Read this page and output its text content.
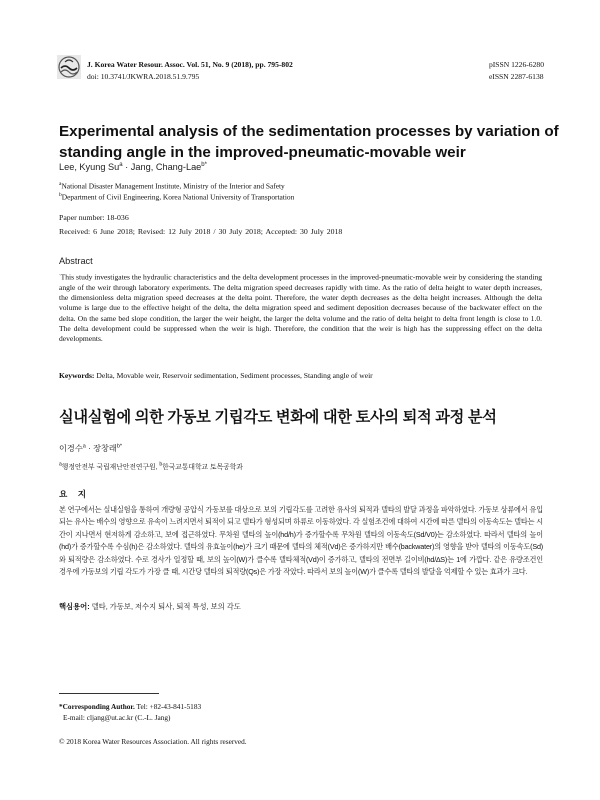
J. Korea Water Resour. Assoc. Vol. 51, No. 9 (2018), pp. 795-802
doi: 10.3741/JKWRA.2018.51.9.795
pISSN 1226-6280
eISSN 2287-6138
Experimental analysis of the sedimentation processes by variation of standing angle in the improved-pneumatic-movable weir
Lee, Kyung $Su^a$ · Jang, Chang-Lae$^{b*}$
$^a$National Disaster Management Institute, Ministry of the Interior and Safety
$^b$Department of Civil Engineering, Korea National University of Transportation
Paper number: 18-036
Received: 6 June 2018; Revised: 12 July 2018 / 30 July 2018; Accepted: 30 July 2018
Abstract

·This study investigates the hydraulic characteristics and the delta development processes in the improved-pneumatic-movable weir by considering the standing angle of the weir through laboratory experiments. The delta migration speed decreases rapidly with time. As the ratio of delta height to water depth increases, the dimensionless delta migration speed decreases at the delta point. Therefore, the water depth decreases as the delta height increases. Although the delta volume is large due to the effective height of the delta, the delta migration speed and sediment deposition decreases because of the backwater effect on the delta. On the same bed slope condition, the larger the weir height, the larger the delta volume and the ratio of delta height to delta front length is close to 1.0. The delta development could be suppressed when the weir is high. Therefore, the condition that the weir is high has the suppressing effect on the delta developments.

Keywords: Delta, Movable weir, Reservoir sedimentation, Sediment processes, Standing angle of weir
실내실험에 의한 가동보 기립각도 변화에 대한 토사의 퇴적 과정 분석
이경수$^a$ · 장창래$^{b*}$
$^a$행정안전부 국립재난안전연구원, $^b$한국교통대학교 토목공학과
요 지

본 연구에서는 실내실험을 통하여 개량형 공압식 가동보를 대상으로 보의 기립각도를 고려한 유사의 퇴적과 델타의 발달 과정을 파악하였다. 가동보 상류에서 유입되는 유사는 배수의 영향으로 유속이 느려지면서 퇴적이 되고 델타가 형성되며 하류로 이동하였다. 각 실험조건에 대하여 시간에 따른 델타의 이동속도는 델타는 시간이 지나면서 현저하게 감소하고, 보에 접근하였다. 무차원 델타의 높이(hd/h)가 증가할수록 무차원 델타의 이동속도(Sd/V0)는 감소하였다. 따라서 델타의 높이(hd)가 증가할수록 수심(h)은 감소하였다. 델타의 유효높이(he)가 크기 때문에 델타의 체적(Vd)은 증가하지만 배수(backwater)의 영향을 받아 델타의 이동속도(Sd)와 퇴적량은 감소하였다. 수로 경사가 일정할 때, 보의 높이(W)가 클수록 델타체적(Vd)이 증가하고, 델타의 전면부 길이비(hd/∆S)는 1에 가깝다. 같은 유량조건인 경우에 가동보의 기립 각도가 가장 클 때, 시간당 델타의 퇴적량(Qs)은 가장 작았다. 따라서 보의 높이(W)가 클수록 델타의 발달을 억제할 수 있는 효과가 크다.

핵심용어: 델타, 가동보, 저수지 퇴사, 퇴적 특성, 보의 각도
*Corresponding Author. Tel: +82-43-841-5183
E-mail: cljang@ut.ac.kr (C.-L. Jang)
© 2018 Korea Water Resources Association. All rights reserved.
